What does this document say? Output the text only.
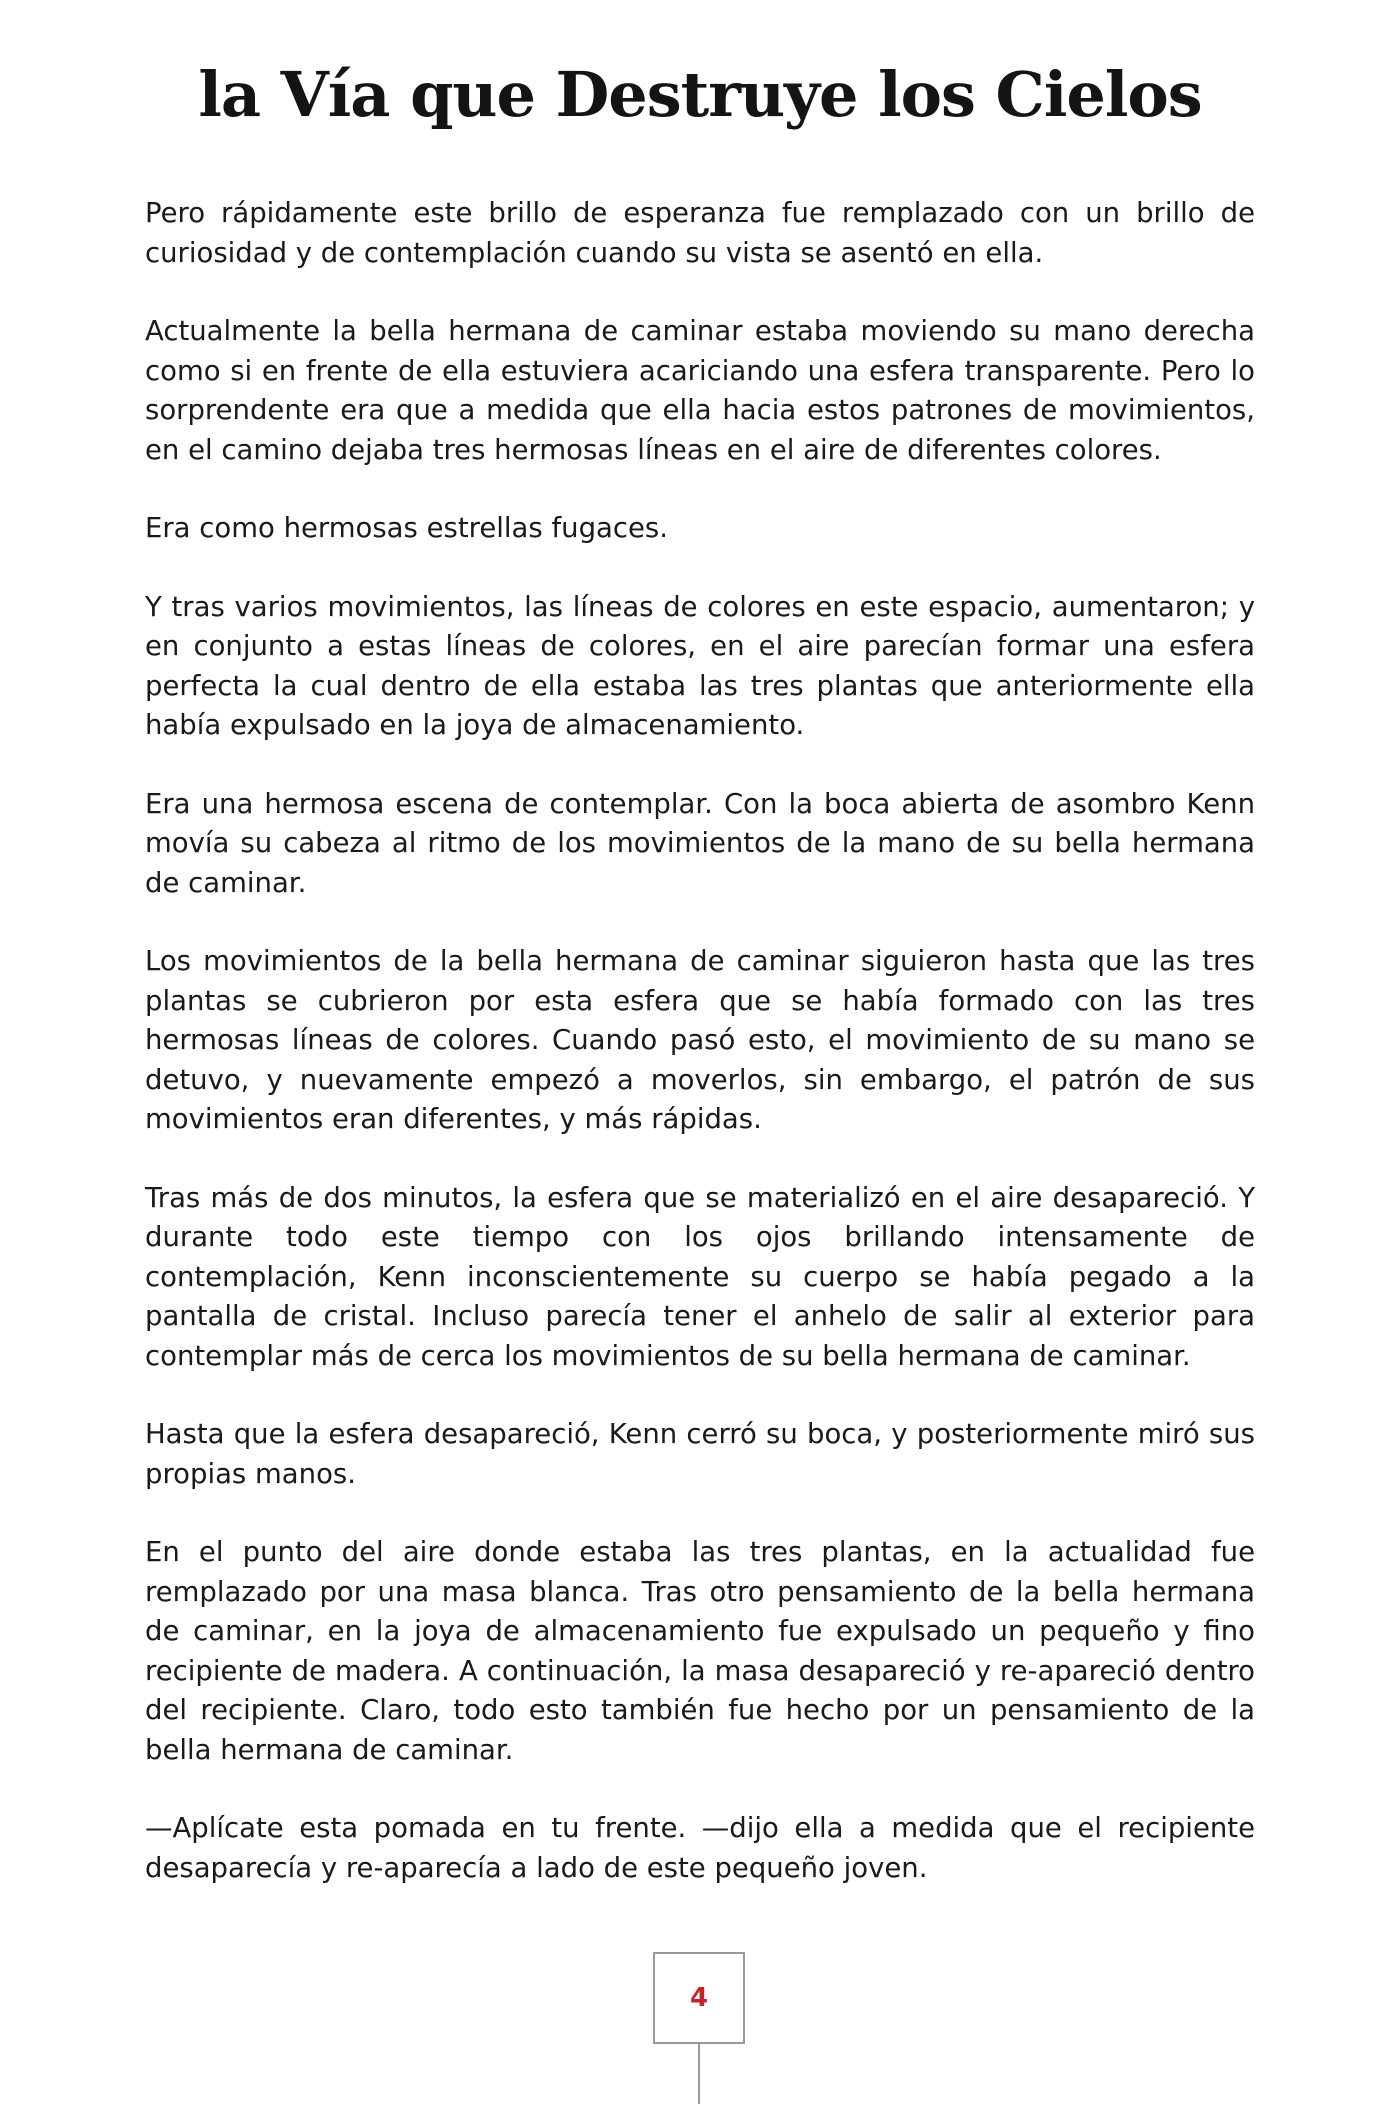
la Vía que Destruye los Cielos

Pero rápidamente este brillo de esperanza fue remplazado con un brillo de curiosidad y de contemplación cuando su vista se asentó en ella.

Actualmente la bella hermana de caminar estaba moviendo su mano derecha como si en frente de ella estuviera acariciando una esfera transparente. Pero lo sorprendente era que a medida que ella hacia estos patrones de movimientos, en el camino dejaba tres hermosas líneas en el aire de diferentes colores.

Era como hermosas estrellas fugaces.

Y tras varios movimientos, las líneas de colores en este espacio, aumentaron; y en conjunto a estas líneas de colores, en el aire parecían formar una esfera perfecta la cual dentro de ella estaba las tres plantas que anteriormente ella había expulsado en la joya de almacenamiento.

Era una hermosa escena de contemplar. Con la boca abierta de asombro Kenn movía su cabeza al ritmo de los movimientos de la mano de su bella hermana de caminar.

Los movimientos de la bella hermana de caminar siguieron hasta que las tres plantas se cubrieron por esta esfera que se había formado con las tres hermosas líneas de colores. Cuando pasó esto, el movimiento de su mano se detuvo, y nuevamente empezó a moverlos, sin embargo, el patrón de sus movimientos eran diferentes, y más rápidas.

Tras más de dos minutos, la esfera que se materializó en el aire desapareció. Y durante todo este tiempo con los ojos brillando intensamente de contemplación, Kenn inconscientemente su cuerpo se había pegado a la pantalla de cristal. Incluso parecía tener el anhelo de salir al exterior para contemplar más de cerca los movimientos de su bella hermana de caminar.

Hasta que la esfera desapareció, Kenn cerró su boca, y posteriormente miró sus propias manos.

En el punto del aire donde estaba las tres plantas, en la actualidad fue remplazado por una masa blanca. Tras otro pensamiento de la bella hermana de caminar, en la joya de almacenamiento fue expulsado un pequeño y fino recipiente de madera. A continuación, la masa desapareció y re-apareció dentro del recipiente. Claro, todo esto también fue hecho por un pensamiento de la bella hermana de caminar.

—Aplícate esta pomada en tu frente. —dijo ella a medida que el recipiente desaparecía y re-aparecía a lado de este pequeño joven.

4
